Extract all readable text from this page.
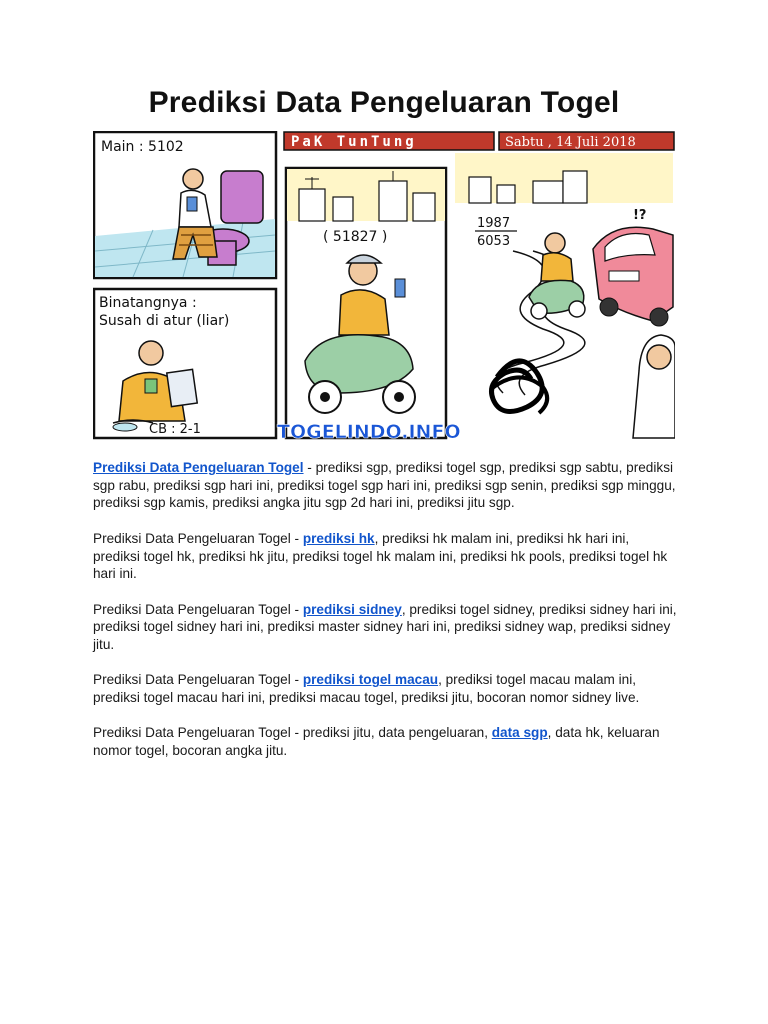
Prediksi Data Pengeluaran Togel
Main : 5102
Binatangnya :
Susah di atur (liar)
CB : 2-1
PaK TunTung	Sabtu , 14 Juli 2018
( 51827 )
1987
6053
!?
TOGELINDO.INFO

Prediksi Data Pengeluaran Togel - prediksi sgp, prediksi togel sgp, prediksi sgp sabtu, prediksi sgp rabu, prediksi sgp hari ini, prediksi togel sgp hari ini, prediksi sgp senin, prediksi sgp minggu, prediksi sgp kamis, prediksi angka jitu sgp 2d hari ini, prediksi jitu sgp.

Prediksi Data Pengeluaran Togel - prediksi hk, prediksi hk malam ini, prediksi hk hari ini, prediksi togel hk, prediksi hk jitu, prediksi togel hk malam ini, prediksi hk pools, prediksi togel hk hari ini.

Prediksi Data Pengeluaran Togel - prediksi sidney, prediksi togel sidney, prediksi sidney hari ini, prediksi togel sidney hari ini, prediksi master sidney hari ini, prediksi sidney wap, prediksi sidney jitu.

Prediksi Data Pengeluaran Togel - prediksi togel macau, prediksi togel macau malam ini, prediksi togel macau hari ini, prediksi macau togel, prediksi jitu, bocoran nomor sidney live.

Prediksi Data Pengeluaran Togel - prediksi jitu, data pengeluaran, data sgp, data hk, keluaran nomor togel, bocoran angka jitu.
